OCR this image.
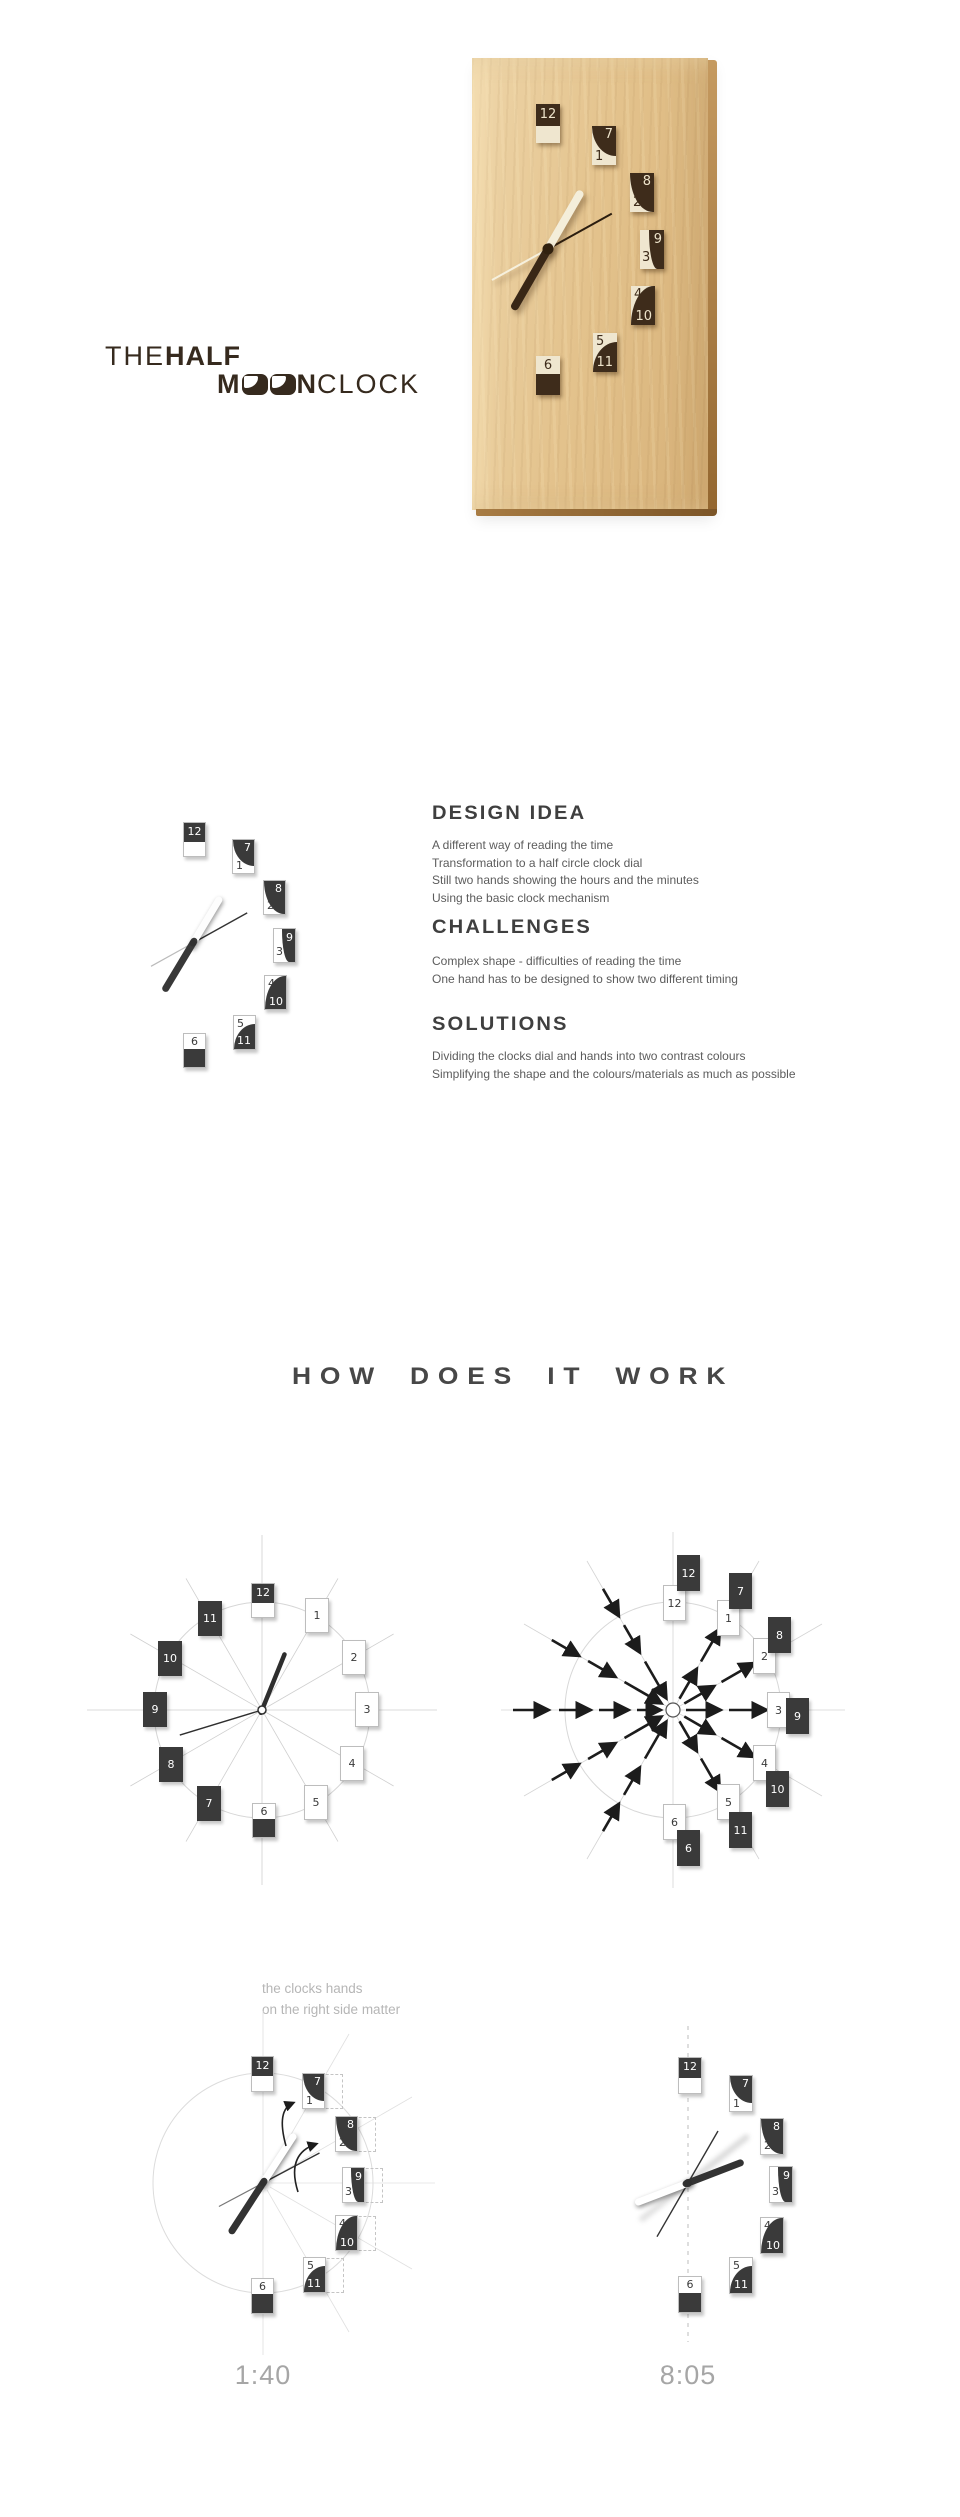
12
7
1
8
2
9
3
10
4
11
5
6
THEHALF
M NCLOCK
12
7
1
8
2
9
3
10
4
11
5
6
DESIGN IDEA
A different way of reading the time
Transformation to a half circle clock dial
Still two hands showing the hours and the minutes
Using the basic clock mechanism
CHALLENGES
Complex shape - difficulties of reading the time
One hand has to be designed to show two different timing
SOLUTIONS
Dividing the clocks dial and hands into two contrast colours
Simplifying the shape and the colours/materials as much as possible
HOW DOES IT WORK
12
1
2
3
4
5
6
7
8
9
10
11
12
12
1
7
2
8
3	9
4
10
5
11
6
6
the clocks hands
on the right side matter
12
7
1
8
2
9
3
10
4
11
5
6
12
7
1
8
2
9
3
10
4
11
5
6
1:40	8:05
